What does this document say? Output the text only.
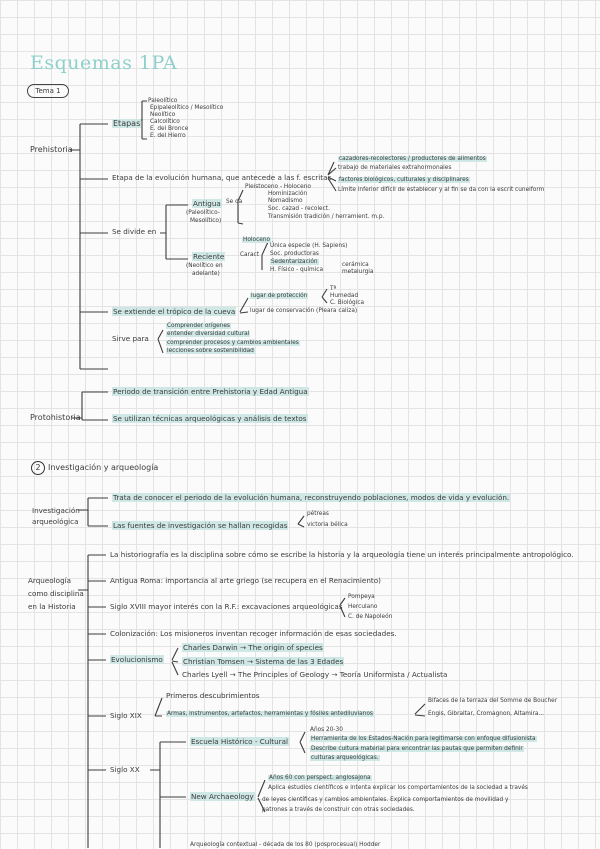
Esquemas 1PA
Tema 1
Prehistoria
Etapas
Paleolítico
Epipaleolítico / Mesolítico
Neolítico
Calcolítico
E. del Bronce
E. del Hierro
Etapa de la evolución humana, que antecede a las f. escritas
cazadores-recolectores / productores de alimentos
trabajo de materiales extrahormonales
factores biológicos, culturales y disciplinares
Límite inferior difícil de establecer y al fin se da con la escrit cuneiform
Se divide en
Antigua
(Paleolítico-
Mesolítico)
Se da
Pleistoceno - Holoceno
Hominización
Nomadismo
Soc. cazad - recolect.
Transmisión tradición / herramient. m.p.
Reciente
(Neolítico en
adelante)
Caract
Holoceno
Única especie (H. Sapiens)
Soc. productoras
Sedentarización
H. Físico - química
cerámica
metalurgia
Se extiende el trópico de la cueva
lugar de protección
Tª
Humedad
C. Biológica
lugar de conservación (Pleara caliza)
Sirve para
Comprender orígenes
entender diversidad cultural
comprender procesos y cambios ambientales
lecciones sobre sostenibilidad
Protohistoria
Periodo de transición entre Prehistoria y Edad Antigua
Se utilizan técnicas arqueológicas y análisis de textos
2 Investigación y arqueología
Investigación
arqueológica
Trata de conocer el periodo de la evolución humana, reconstruyendo poblaciones, modos de vida y evolución.
Las fuentes de investigación se hallan recogidas
pétreas
victoria bélica
Arqueología
como disciplina
en la Historia
La historiografía es la disciplina sobre cómo se escribe la historia y la arqueología tiene un interés principalmente antropológico.
Antigua Roma: importancia al arte griego (se recupera en el Renacimiento)
Siglo XVIII mayor interés con la R.F.: excavaciones arqueológicas
Pompeya
Herculano
C. de Napoleón
Colonización: Los misioneros inventan recoger información de esas sociedades.
Evolucionismo
Charles Darwin → The origin of species
Christian Tomsen → Sistema de las 3 Edades
Charles Lyell → The Principles of Geology → Teoría Uniformista / Actualista
Siglo XIX
Primeros descubrimientos
Armas, instrumentos, artefactos, herramientas y fósiles antediluvianos
Bifaces de la terraza del Somme de Boucher
Engis, Gibraltar, Cromagnon, Altamira...
Siglo XX
Escuela Histórico - Cultural
Años 20-30
Herramienta de los Estados-Nación para legitimarse con enfoque difusionista
Describe cultura material para encontrar las pautas que permiten definir
culturas arqueológicas.
New Archaeology
Años 60 con perspect. anglosajona
Aplica estudios científicos e intenta explicar los comportamientos de la sociedad a través
de leyes científicas y cambios ambientales. Explica comportamientos de movilidad y
patrones a través de construir con otras sociedades.
Arqueología contextual - década de los 80 (posprocesual) Hodder
